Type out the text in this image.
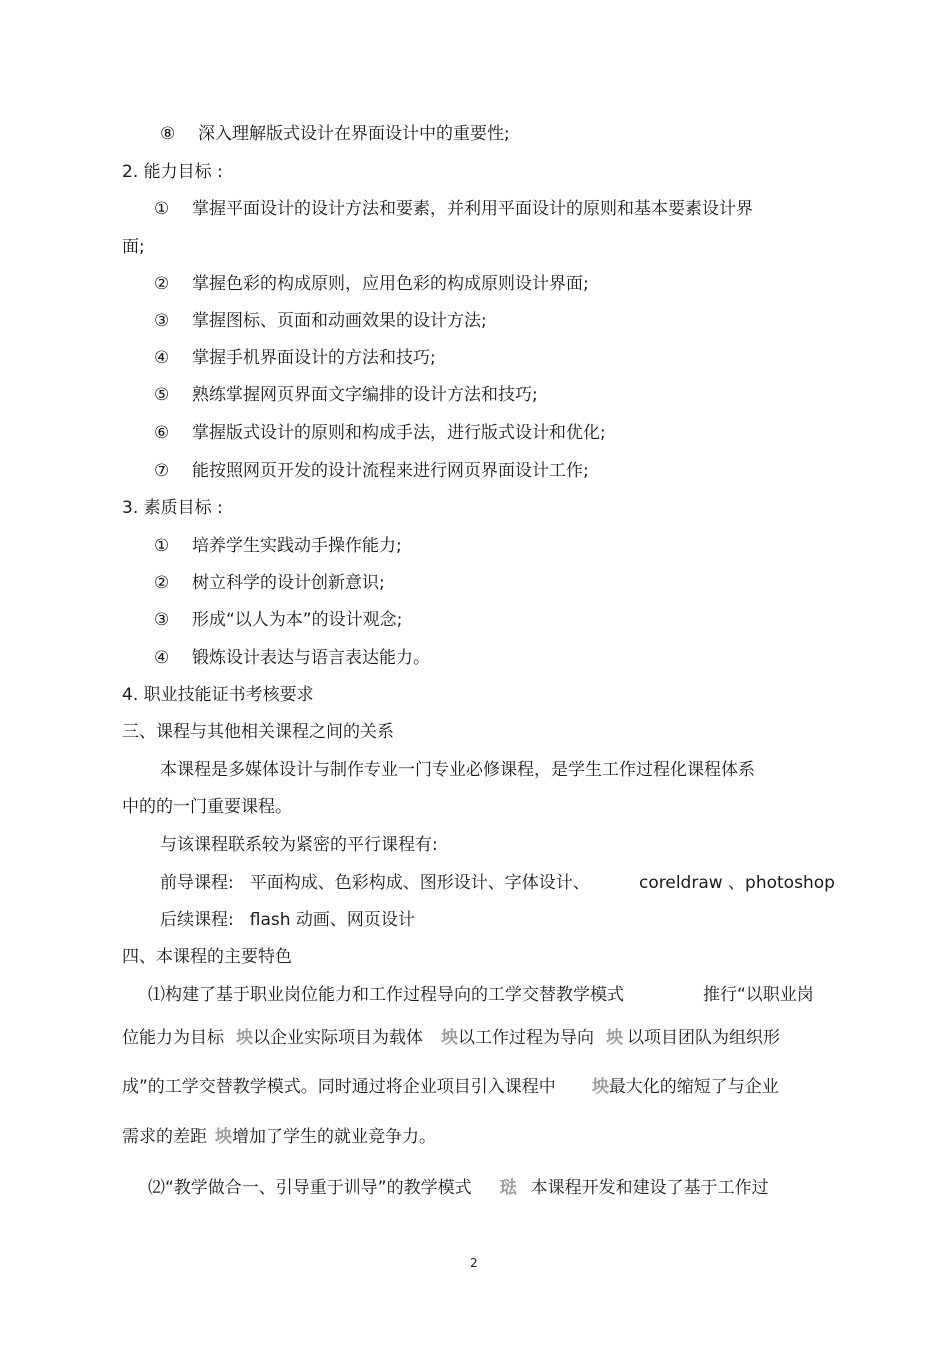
⑧ 深入理解版式设计在界面设计中的重要性;
2. 能力目标 :
① 掌握平面设计的设计方法和要素，并利用平面设计的原则和基本要素设计界
面;
② 掌握色彩的构成原则，应用色彩的构成原则设计界面;
③ 掌握图标、页面和动画效果的设计方法;
④ 掌握手机界面设计的方法和技巧;
⑤ 熟练掌握网页界面文字编排的设计方法和技巧;
⑥ 掌握版式设计的原则和构成手法，进行版式设计和优化;
⑦ 能按照网页开发的设计流程来进行网页界面设计工作;
3. 素质目标 :
① 培养学生实践动手操作能力;
② 树立科学的设计创新意识;
③ 形成“以人为本”的设计观念;
④ 锻炼设计表达与语言表达能力。
4. 职业技能证书考核要求
三、课程与其他相关课程之间的关系
本课程是多媒体设计与制作专业一门专业必修课程，是学生工作过程化课程体系
中的的一门重要课程。
与该课程联系较为紧密的平行课程有:
前导课程: 平面构成、色彩构成、图形设计、字体设计、	coreldraw 、photoshop
后续课程: flash 动画、网页设计
四、本课程的主要特色
⑴构建了基于职业岗位能力和工作过程导向的工学交替教学模式	推行“以职业岗
位能力为目标 坱以企业实际项目为载体 坱以工作过程为导向 坱 以项目团队为组织形
成”的工学交替教学模式。同时通过将企业项目引入课程中 坱最大化的缩短了与企业
需求的差距 坱增加了学生的就业竞争力。
⑵“教学做合一、引导重于训导”的教学模式 琺 本课程开发和建设了基于工作过
2
